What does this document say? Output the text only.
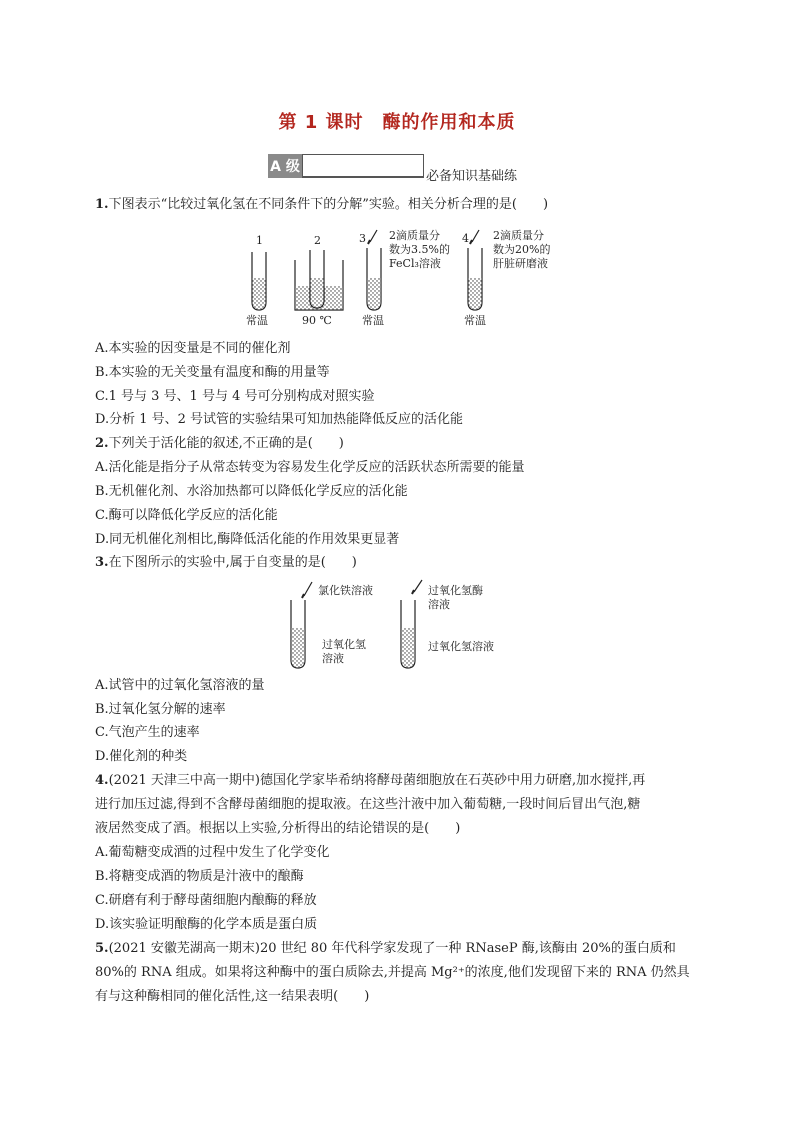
第 1 课时　酶的作用和本质
A 级
必备知识基础练
1.下图表示“比较过氧化氢在不同条件下的分解”实验。相关分析合理的是(　　)
1
常温
2
90 ℃
3 2滴质量分
数为3.5%的
FeCl₃溶液
常温
4 2滴质量分
数为20%的
肝脏研磨液
常温
A.本实验的因变量是不同的催化剂
B.本实验的无关变量有温度和酶的用量等
C.1 号与 3 号、1 号与 4 号可分别构成对照实验
D.分析 1 号、2 号试管的实验结果可知加热能降低反应的活化能
2.下列关于活化能的叙述,不正确的是(　　)
A.活化能是指分子从常态转变为容易发生化学反应的活跃状态所需要的能量
B.无机催化剂、水浴加热都可以降低化学反应的活化能
C.酶可以降低化学反应的活化能
D.同无机催化剂相比,酶降低活化能的作用效果更显著
3.在下图所示的实验中,属于自变量的是(　　)
氯化铁溶液
过氧化氢
溶液
过氧化氢酶
溶液
过氧化氢溶液
A.试管中的过氧化氢溶液的量
B.过氧化氢分解的速率
C.气泡产生的速率
D.催化剂的种类
4.(2021 天津三中高一期中)德国化学家毕希纳将酵母菌细胞放在石英砂中用力研磨,加水搅拌,再
进行加压过滤,得到不含酵母菌细胞的提取液。在这些汁液中加入葡萄糖,一段时间后冒出气泡,糖
液居然变成了酒。根据以上实验,分析得出的结论错误的是(　　)
A.葡萄糖变成酒的过程中发生了化学变化
B.将糖变成酒的物质是汁液中的酿酶
C.研磨有利于酵母菌细胞内酿酶的释放
D.该实验证明酿酶的化学本质是蛋白质
5.(2021 安徽芜湖高一期末)20 世纪 80 年代科学家发现了一种 RNaseP 酶,该酶由 20%的蛋白质和
80%的 RNA 组成。如果将这种酶中的蛋白质除去,并提高 Mg²⁺的浓度,他们发现留下来的 RNA 仍然具
有与这种酶相同的催化活性,这一结果表明(　　)
